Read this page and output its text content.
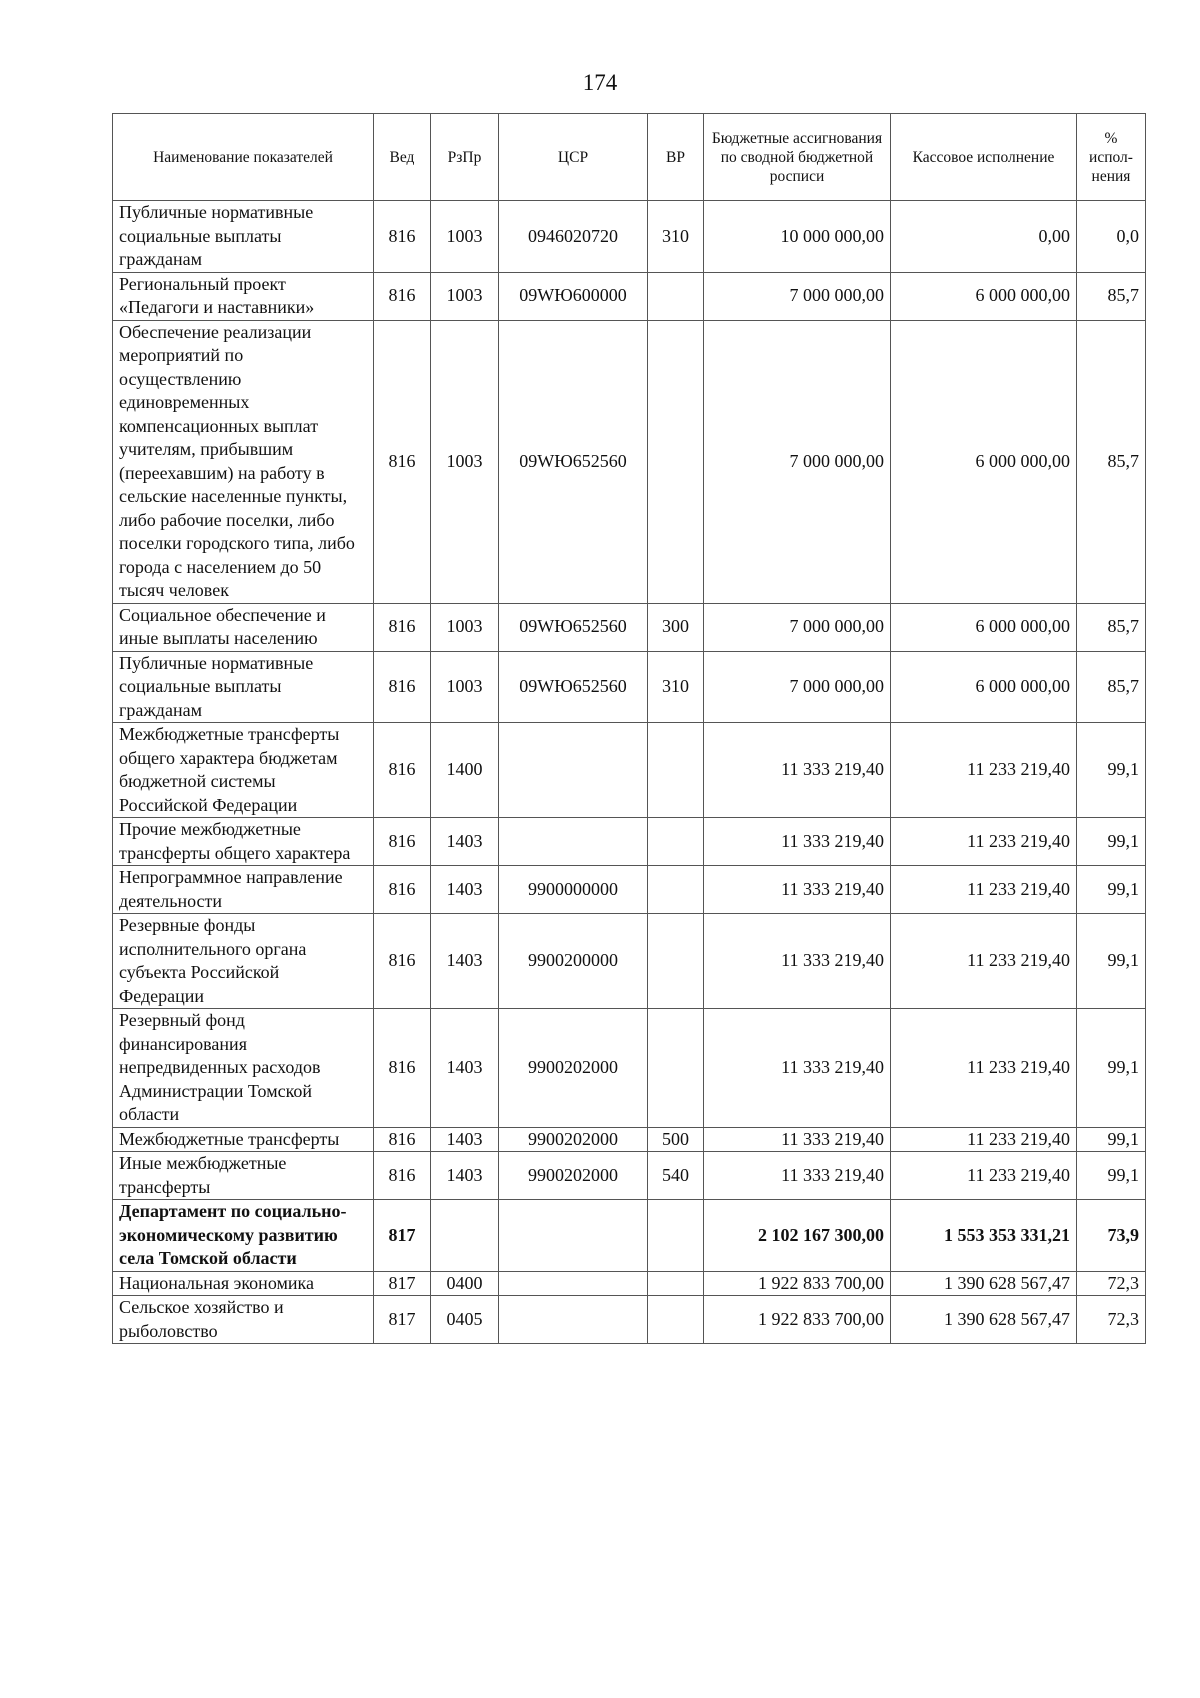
174
Наименование показателей	Вед	РзПр	ЦСР	ВР	Бюджетные ассигнования по сводной бюджетной росписи	Кассовое исполнение	% испол-нения
Публичные нормативные социальные выплаты гражданам	816	1003	0946020720	310	10 000 000,00	0,00	0,0
Региональный проект «Педагоги и наставники»	816	1003	09WЮ600000		7 000 000,00	6 000 000,00	85,7
Обеспечение реализации мероприятий по осуществлению единовременных компенсационных выплат учителям, прибывшим (переехавшим) на работу в сельские населенные пункты, либо рабочие поселки, либо поселки городского типа, либо города с населением до 50 тысяч человек	816	1003	09WЮ652560		7 000 000,00	6 000 000,00	85,7
Социальное обеспечение и иные выплаты населению	816	1003	09WЮ652560	300	7 000 000,00	6 000 000,00	85,7
Публичные нормативные социальные выплаты гражданам	816	1003	09WЮ652560	310	7 000 000,00	6 000 000,00	85,7
Межбюджетные трансферты общего характера бюджетам бюджетной системы Российской Федерации	816	1400			11 333 219,40	11 233 219,40	99,1
Прочие межбюджетные трансферты общего характера	816	1403			11 333 219,40	11 233 219,40	99,1
Непрограммное направление деятельности	816	1403	9900000000		11 333 219,40	11 233 219,40	99,1
Резервные фонды исполнительного органа субъекта Российской Федерации	816	1403	9900200000		11 333 219,40	11 233 219,40	99,1
Резервный фонд финансирования непредвиденных расходов Администрации Томской области	816	1403	9900202000		11 333 219,40	11 233 219,40	99,1
Межбюджетные трансферты	816	1403	9900202000	500	11 333 219,40	11 233 219,40	99,1
Иные межбюджетные трансферты	816	1403	9900202000	540	11 333 219,40	11 233 219,40	99,1
Департамент по социально-экономическому развитию села Томской области	817				2 102 167 300,00	1 553 353 331,21	73,9
Национальная экономика	817	0400			1 922 833 700,00	1 390 628 567,47	72,3
Сельское хозяйство и рыболовство	817	0405			1 922 833 700,00	1 390 628 567,47	72,3
